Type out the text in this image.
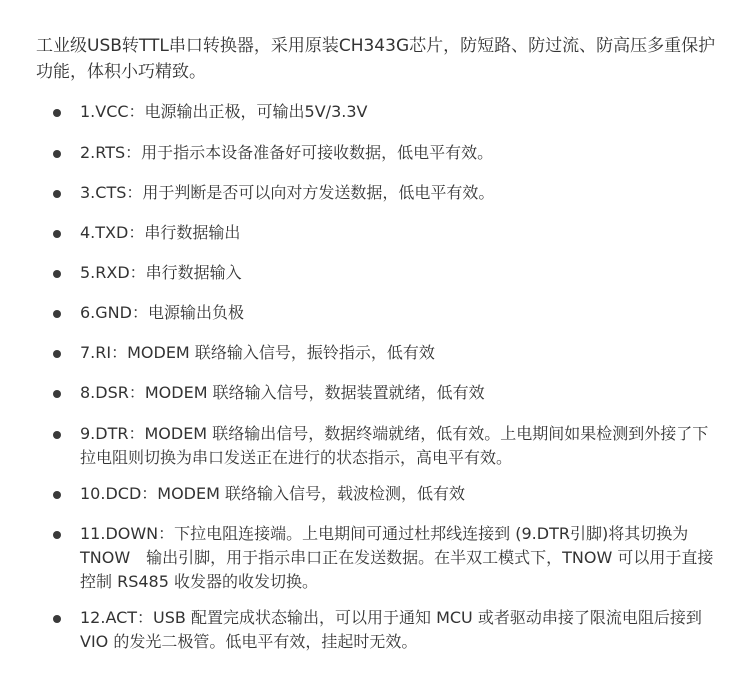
工业级USB转TTL串口转换器，采用原装CH343G芯片，防短路、防过流、防高压多重保护功能，体积小巧精致。
1.VCC：电源输出正极，可输出5V/3.3V
2.RTS：用于指示本设备准备好可接收数据，低电平有效。
3.CTS：用于判断是否可以向对方发送数据，低电平有效。
4.TXD：串行数据输出
5.RXD：串行数据输入
6.GND：电源输出负极
7.RI：MODEM 联络输入信号，振铃指示，低有效
8.DSR：MODEM 联络输入信号，数据装置就绪，低有效
9.DTR：MODEM 联络输出信号，数据终端就绪，低有效。上电期间如果检测到外接了下拉电阻则切换为串口发送正在进行的状态指示，高电平有效。
10.DCD：MODEM 联络输入信号，载波检测，低有效
11.DOWN：下拉电阻连接端。上电期间可通过杜邦线连接到 (9.DTR引脚)将其切换为TNOW　输出引脚，用于指示串口正在发送数据。在半双工模式下，TNOW 可以用于直接控制 RS485 收发器的收发切换。
12.ACT：USB 配置完成状态输出，可以用于通知 MCU 或者驱动串接了限流电阻后接到 VIO 的发光二极管。低电平有效，挂起时无效。
